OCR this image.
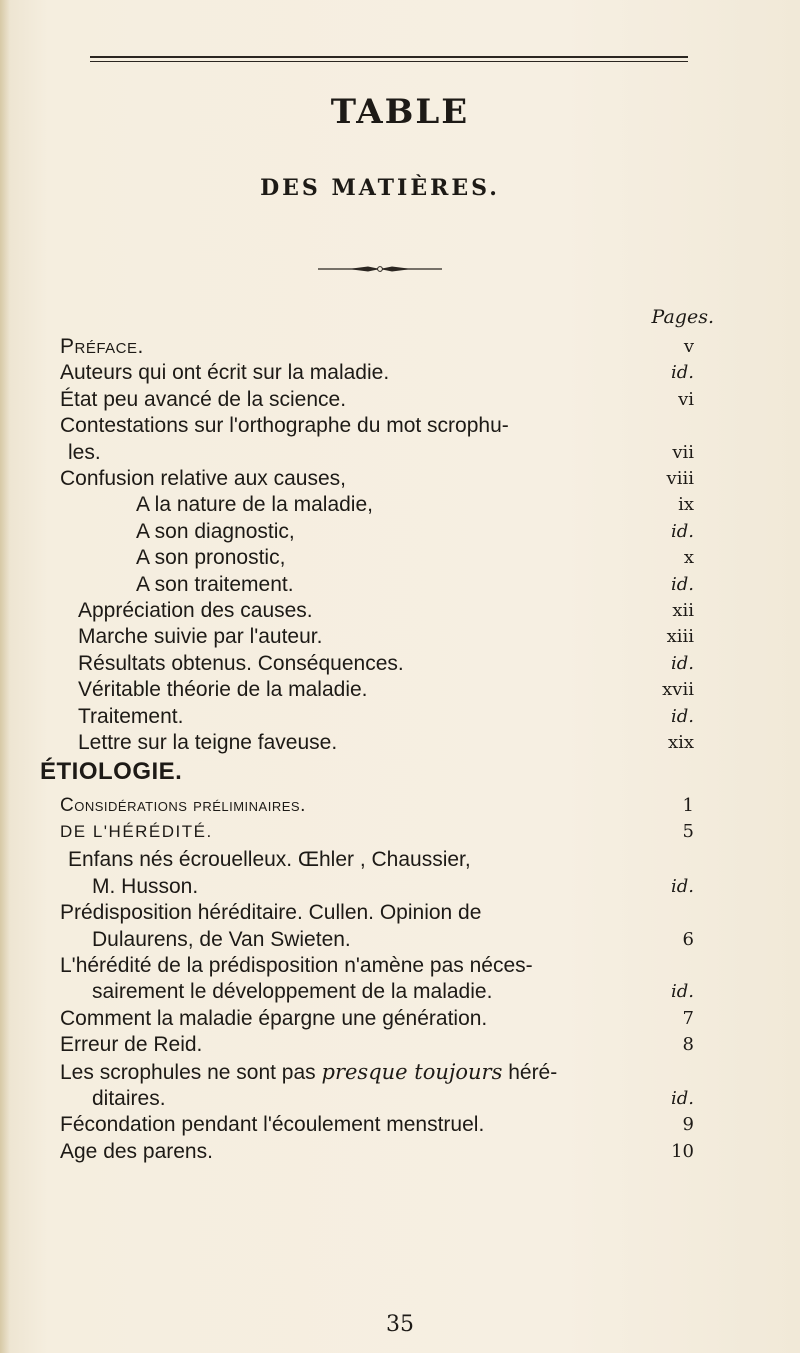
TABLE
DES MATIÈRES.
Pages.
Préface.	v
Auteurs qui ont écrit sur la maladie.	id.
État peu avancé de la science.	vi
Contestations sur l'orthographe du mot scrophu-
les.	vii
Confusion relative aux causes,	viii
A la nature de la maladie,	ix
A son diagnostic,	id.
A son pronostic,	x
A son traitement.	id.
Appréciation des causes.	xii
Marche suivie par l'auteur.	xiii
Résultats obtenus. Conséquences.	id.
Véritable théorie de la maladie.	xvii
Traitement.	id.
Lettre sur la teigne faveuse.	xix
ÉTIOLOGIE.
Considérations préliminaires.	1
DE L'HÉRÉDITÉ.	5
Enfans nés écrouelleux. Œhler , Chaussier,
M. Husson.	id.
Prédisposition héréditaire. Cullen. Opinion de
Dulaurens, de Van Swieten.	6
L'hérédité de la prédisposition n'amène pas néces-
sairement le développement de la maladie.	id.
Comment la maladie épargne une génération.	7
Erreur de Reid.	8
Les scrophules ne sont pas presque toujours héré-
ditaires.	id.
Fécondation pendant l'écoulement menstruel.	9
Age des parens.	10
35
